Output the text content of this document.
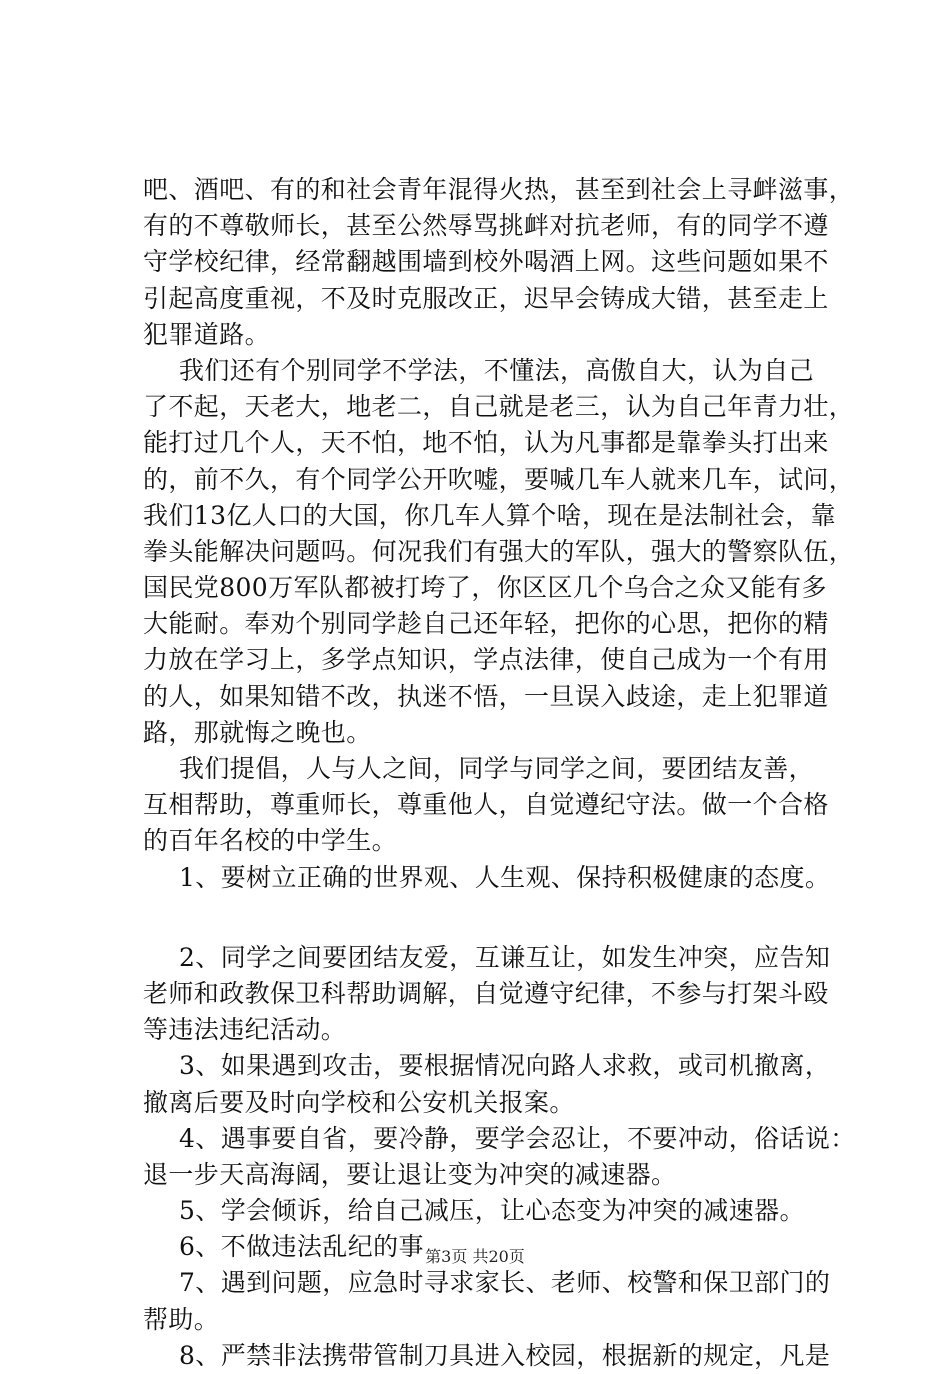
吧、酒吧、有的和社会青年混得火热，甚至到社会上寻衅滋事，
有的不尊敬师长，甚至公然辱骂挑衅对抗老师，有的同学不遵
守学校纪律，经常翻越围墙到校外喝酒上网。这些问题如果不
引起高度重视，不及时克服改正，迟早会铸成大错，甚至走上
犯罪道路。
我们还有个别同学不学法，不懂法，高傲自大，认为自己
了不起，天老大，地老二，自己就是老三，认为自己年青力壮，
能打过几个人，天不怕，地不怕，认为凡事都是靠拳头打出来
的，前不久，有个同学公开吹嘘，要喊几车人就来几车，试问，
我们13亿人口的大国，你几车人算个啥，现在是法制社会，靠
拳头能解决问题吗。何况我们有强大的军队，强大的警察队伍，
国民党800万军队都被打垮了，你区区几个乌合之众又能有多
大能耐。奉劝个别同学趁自己还年轻，把你的心思，把你的精
力放在学习上，多学点知识，学点法律，使自己成为一个有用
的人，如果知错不改，执迷不悟，一旦误入歧途，走上犯罪道
路，那就悔之晚也。
我们提倡，人与人之间，同学与同学之间，要团结友善，
互相帮助，尊重师长，尊重他人，自觉遵纪守法。做一个合格
的百年名校的中学生。
1、要树立正确的世界观、人生观、保持积极健康的态度。
2、同学之间要团结友爱，互谦互让，如发生冲突，应告知
老师和政教保卫科帮助调解，自觉遵守纪律，不参与打架斗殴
等违法违纪活动。
3、如果遇到攻击，要根据情况向路人求救，或司机撤离，
撤离后要及时向学校和公安机关报案。
4、遇事要自省，要冷静，要学会忍让，不要冲动，俗话说：
退一步天高海阔，要让退让变为冲突的减速器。
5、学会倾诉，给自己减压，让心态变为冲突的减速器。
6、不做违法乱纪的事
7、遇到问题，应急时寻求家长、老师、校警和保卫部门的
帮助。
8、严禁非法携带管制刀具进入校园，根据新的规定，凡是
第3页 共20页
